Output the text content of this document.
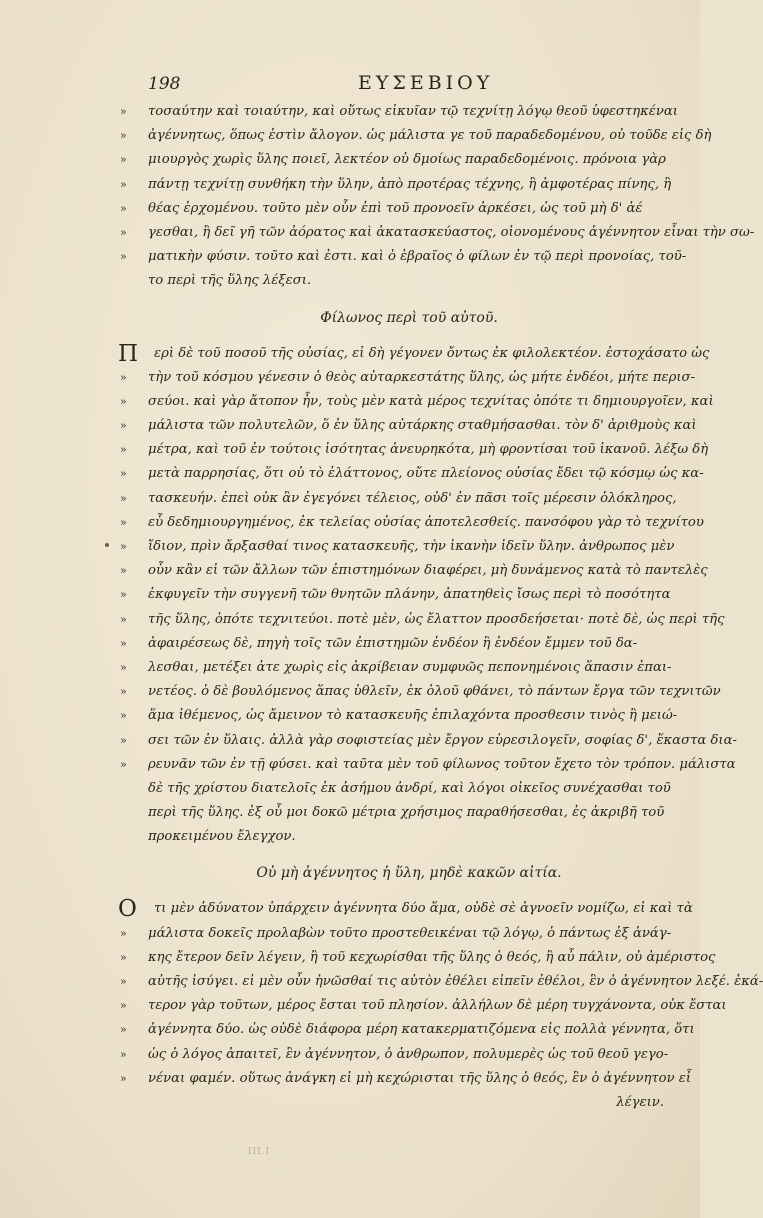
198	ΕΥΣΕΒΙΟΥ
» τοσαύτην καὶ τοιαύτην, καὶ οὕτως εἰκυῖαν τῷ τεχνίτῃ λόγῳ θεοῦ ὑφεστηκέναι
» ἀγέννητως, ὅπως ἐστὶν ἄλογον. ὡς μάλιστα γε τοῦ παραδεδομένου, οὐ τοῦδε εἰς δὴ
» μιουργὸς χωρὶς ὕλης ποιεῖ, λεκτέον οὐ δμοίως παραδεδομένοις. πρόνοια γὰρ
» πάντῃ τεχνίτῃ συνθήκη τὴν ὕλην, ἀπὸ προτέρας τέχνης, ἢ ἀμφοτέρας πίνης, ἢ
» θέας ἐρχομένου. τοῦτο μὲν οὖν ἐπὶ τοῦ προνοεῖν ἀρκέσει, ὡς τοῦ μὴ δ' ἀέ
» γεσθαι, ἢ δεῖ γῆ τῶν ἀόρατος καὶ ἀκατασκεύαστος, οἱονομένους ἀγέννητον εἶναι τὴν σω-
» ματικὴν φύσιν. τοῦτο καὶ ἐστι. καὶ ὁ ἑβραῖος ὁ φίλων ἐν τῷ περὶ προνοίας, τοῦ-
το περὶ τῆς ὕλης λέξεσι.
Φίλωνος περὶ τοῦ αὐτοῦ.
Π ερὶ δὲ τοῦ ποσοῦ τῆς οὐσίας, εἰ δὴ γέγονεν ὄντως ἐκ φιλολεκτέον. ἐστοχάσατο ὡς
» τὴν τοῦ κόσμου γένεσιν ὁ θεὸς αὐταρκεστάτης ὕλης, ὡς μήτε ἐνδέοι, μήτε περισ-
» σεύοι. καὶ γὰρ ἄτοπον ἦν, τοὺς μὲν κατὰ μέρος τεχνίτας ὁπότε τι δημιουργοῖεν, καὶ
» μάλιστα τῶν πολυτελῶν, ὅ ἐν ὕλης αὐτάρκης σταθμήσασθαι. τὸν δ' ἀριθμοὺς καὶ
» μέτρα, καὶ τοῦ ἐν τούτοις ἰσότητας ἀνευρηκότα, μὴ φροντίσαι τοῦ ἱκανοῦ. λέξω δὴ
» μετὰ παρρησίας, ὅτι οὐ τὸ ἐλάττονος, οὔτε πλείονος οὐσίας ἔδει τῷ κόσμῳ ὡς κα-
» τασκευήν. ἐπεὶ οὐκ ἂν ἐγεγόνει τέλειος, οὐδ' ἐν πᾶσι τοῖς μέρεσιν ὁλόκληρος,
» εὖ δεδημιουργημένος, ἐκ τελείας οὐσίας ἀποτελεσθείς. πανσόφου γὰρ τὸ τεχνίτου
» ἴδιον, πρὶν ἄρξασθαί τινος κατασκευῆς, τὴν ἱκανὴν ἰδεῖν ὕλην. ἀνθρωπος μὲν
» οὖν κἂν εἰ τῶν ἄλλων τῶν ἐπιστημόνων διαφέρει, μὴ δυνάμενος κατὰ τὸ παντελὲς
» ἐκφυγεῖν τὴν συγγενῆ τῶν θνητῶν πλάνην, ἀπατηθεὶς ἴσως περὶ τὸ ποσότητα
» τῆς ὕλης, ὁπότε τεχνιτεύοι. ποτὲ μὲν, ὡς ἔλαττον προσδεήσεται· ποτὲ δὲ, ὡς περὶ τῆς
» ἀφαιρέσεως δὲ, πηγὴ τοῖς τῶν ἐπιστημῶν ἐνδέον ἢ ἐνδέον ἔμμεν τοῦ δα-
» λεσθαι, μετέξει ἀτε χωρὶς εἰς ἀκρίβειαν συμφυῶς πεπονημένοις ἅπασιν ἐπαι-
» νετέος. ὁ δὲ βουλόμενος ἅπας ὑθλεῖν, ἐκ ὁλοῦ φθάνει, τὸ πάντων ἔργα τῶν τεχνιτῶν
» ἅμα ἰθέμενος, ὡς ἄμεινον τὸ κατασκευῆς ἐπιλαχόντα προσθεσιν τινὸς ἢ μειώ-
» σει τῶν ἐν ὕλαις. ἀλλὰ γὰρ σοφιστείας μὲν ἔργον εὑρεσιλογεῖν, σοφίας δ', ἕκαστα δια-
» ρευνᾶν τῶν ἐν τῇ φύσει. καὶ ταῦτα μὲν τοῦ φίλωνος τοῦτον ἔχετο τὸν τρόπον. μάλιστα
δὲ τῆς χρίστου διατελοῖς ἐκ ἀσήμου ἀνδρί, καὶ λόγοι οἰκεῖος συνέχασθαι τοῦ
περὶ τῆς ὕλης. ἐξ οὗ μοι δοκῶ μέτρια χρήσιμος παραθήσεσθαι, ἐς ἀκριβῆ τοῦ
προκειμένου ἔλεγχον.
Οὐ μὴ ἀγέννητος ἡ ὕλη, μηδὲ κακῶν αἰτία.
Ο τι μὲν ἀδύνατον ὑπάρχειν ἀγέννητα δύο ἅμα, οὐδὲ σὲ ἀγνοεῖν νομίζω, εἰ καὶ τὰ
» μάλιστα δοκεῖς προλαβὼν τοῦτο προστεθεικέναι τῷ λόγῳ, ὁ πάντως ἐξ ἀνάγ-
» κης ἔτερον δεῖν λέγειν, ἢ τοῦ κεχωρίσθαι τῆς ὕλης ὁ θεός, ἢ αὖ πάλιν, οὐ ἀμέριστος
» αὐτῆς ἰσύγει. εἰ μὲν οὖν ἡνῶσθαί τις αὐτὸν ἐθέλει εἰπεῖν ἐθέλοι, ἓν ὁ ἀγέννητον λεξέ. ἑκά-
» τερον γὰρ τοῦτων, μέρος ἔσται τοῦ πλησίον. ἀλλήλων δὲ μέρη τυγχάνοντα, οὐκ ἔσται
» ἀγέννητα δύο. ὡς οὐδὲ διάφορα μέρη κατακερματιζόμενα εἰς πολλὰ γέννητα, ὅτι
» ὡς ὁ λόγος ἀπαιτεῖ, ἓν ἀγέννητον, ὁ ἀνθρωπον, πολυμερὲς ὡς τοῦ θεοῦ γεγο-
» νέναι φαμέν. οὕτως ἀνάγκη εἰ μὴ κεχώρισται τῆς ὕλης ὁ θεός, ἓν ὁ ἀγέννητον εἶ
λέγειν.
III.I
